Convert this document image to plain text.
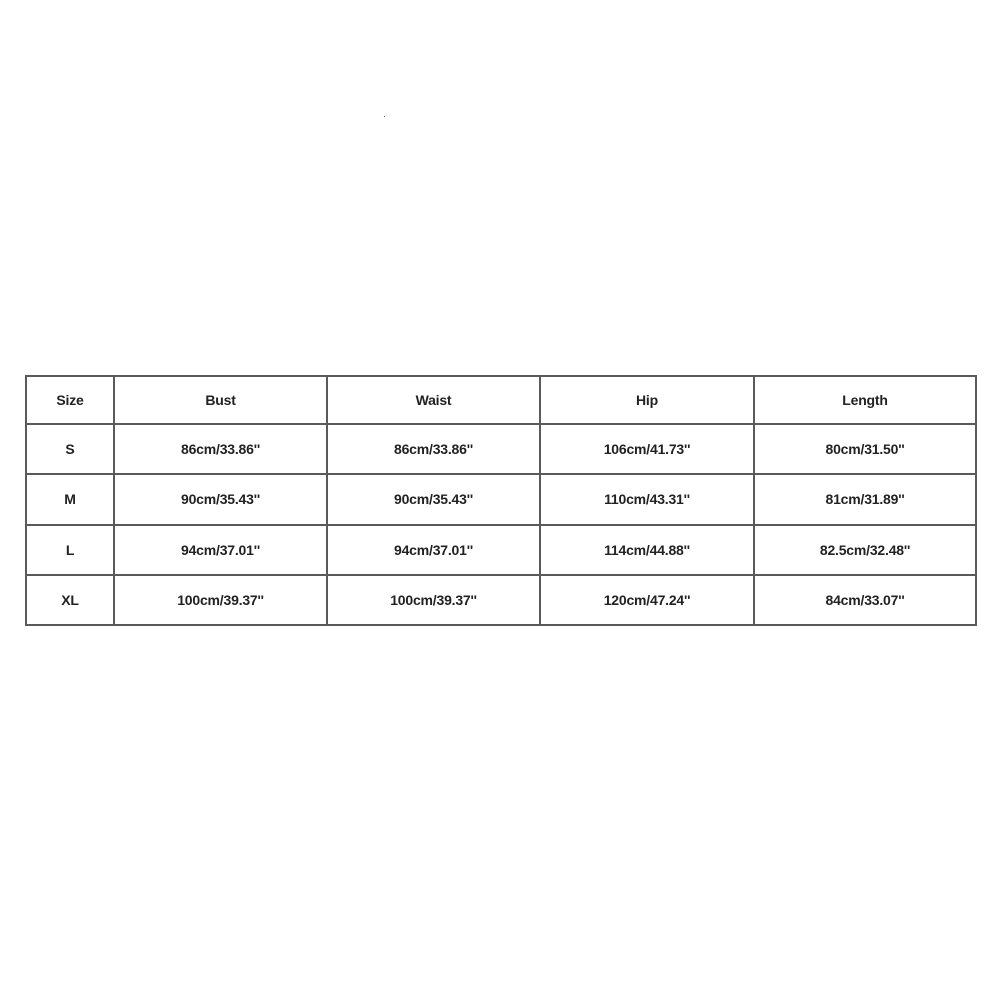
Size	Bust	Waist	Hip	Length
S	86cm/33.86''	86cm/33.86''	106cm/41.73''	80cm/31.50''
M	90cm/35.43''	90cm/35.43''	110cm/43.31''	81cm/31.89''
L	94cm/37.01''	94cm/37.01''	114cm/44.88''	82.5cm/32.48''
XL	100cm/39.37''	100cm/39.37''	120cm/47.24''	84cm/33.07''
